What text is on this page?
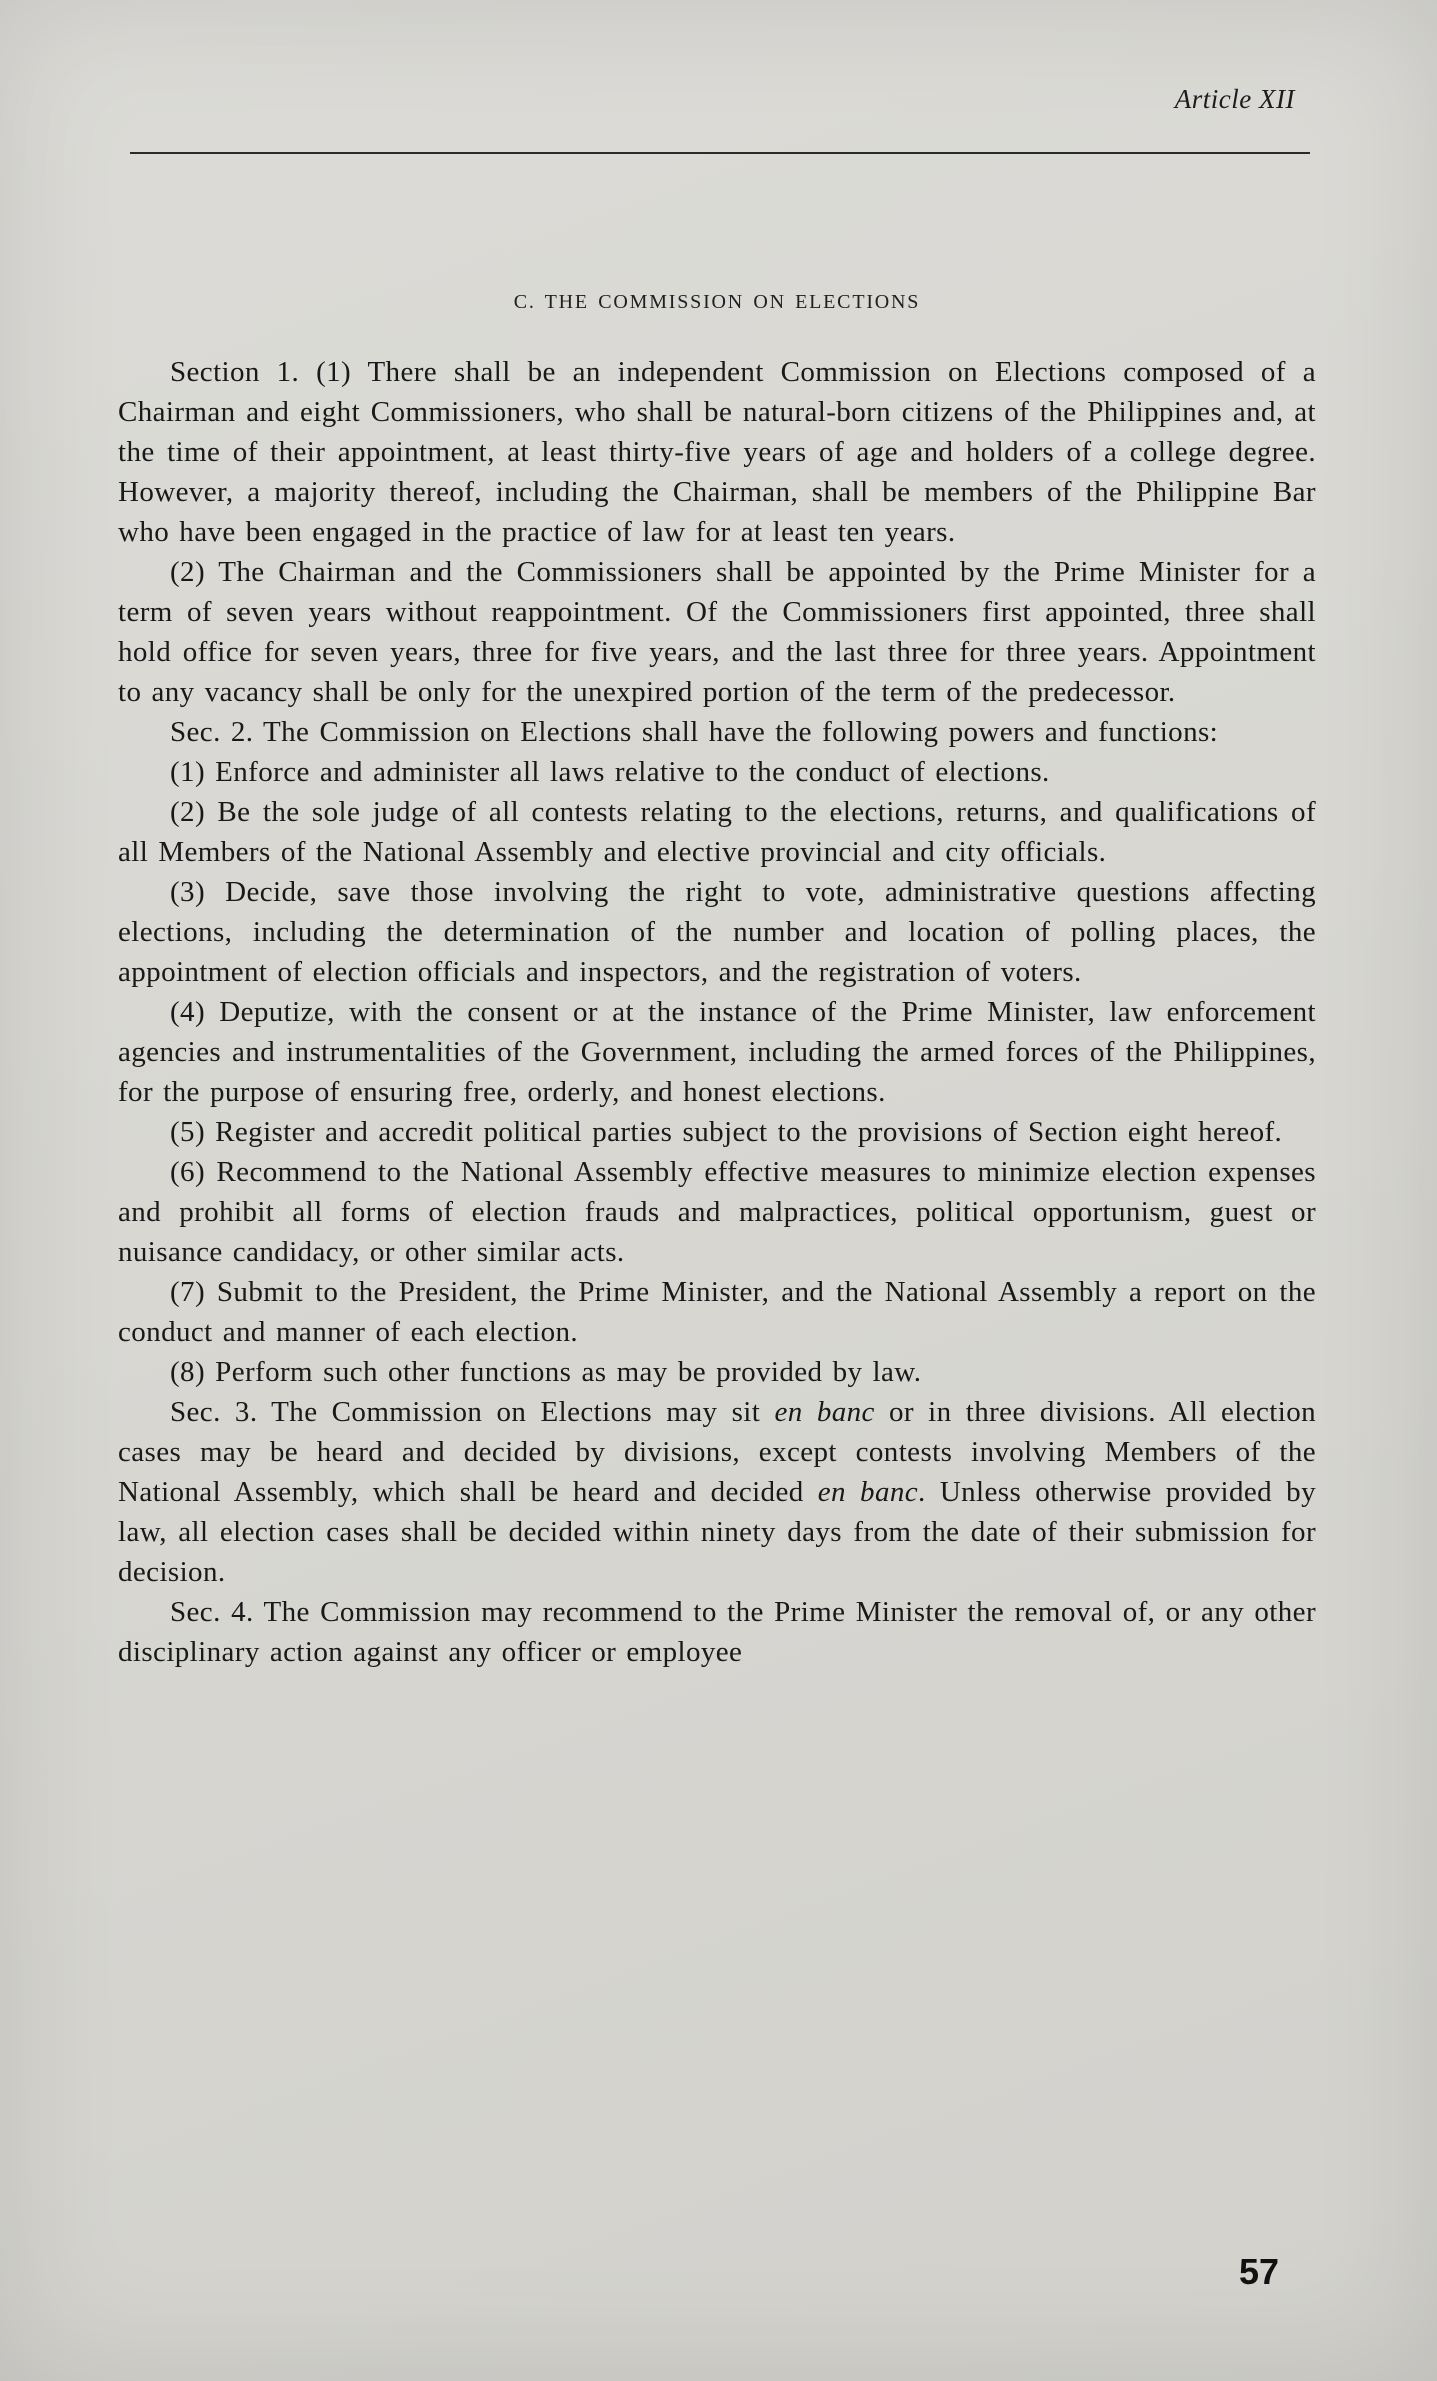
Article XII
C. THE COMMISSION ON ELECTIONS

Section 1. (1) There shall be an independent Commission on Elections composed of a Chairman and eight Commissioners, who shall be natural-born citizens of the Philippines and, at the time of their appointment, at least thirty-five years of age and holders of a college degree. However, a majority thereof, including the Chairman, shall be members of the Philippine Bar who have been engaged in the practice of law for at least ten years.

(2) The Chairman and the Commissioners shall be appointed by the Prime Minister for a term of seven years without reappointment. Of the Commissioners first appointed, three shall hold office for seven years, three for five years, and the last three for three years. Appointment to any vacancy shall be only for the unexpired portion of the term of the predecessor.

Sec. 2. The Commission on Elections shall have the following powers and functions:

(1) Enforce and administer all laws relative to the conduct of elections.

(2) Be the sole judge of all contests relating to the elections, returns, and qualifications of all Members of the National Assembly and elective provincial and city officials.

(3) Decide, save those involving the right to vote, administrative questions affecting elections, including the determination of the number and location of polling places, the appointment of election officials and inspectors, and the registration of voters.

(4) Deputize, with the consent or at the instance of the Prime Minister, law enforcement agencies and instrumentalities of the Government, including the armed forces of the Philippines, for the purpose of ensuring free, orderly, and honest elections.

(5) Register and accredit political parties subject to the provisions of Section eight hereof.

(6) Recommend to the National Assembly effective measures to minimize election expenses and prohibit all forms of election frauds and malpractices, political opportunism, guest or nuisance candidacy, or other similar acts.

(7) Submit to the President, the Prime Minister, and the National Assembly a report on the conduct and manner of each election.

(8) Perform such other functions as may be provided by law.

Sec. 3. The Commission on Elections may sit en banc or in three divisions. All election cases may be heard and decided by divisions, except contests involving Members of the National Assembly, which shall be heard and decided en banc. Unless otherwise provided by law, all election cases shall be decided within ninety days from the date of their submission for decision.

Sec. 4. The Commission may recommend to the Prime Minister the removal of, or any other disciplinary action against any officer or employee

57
